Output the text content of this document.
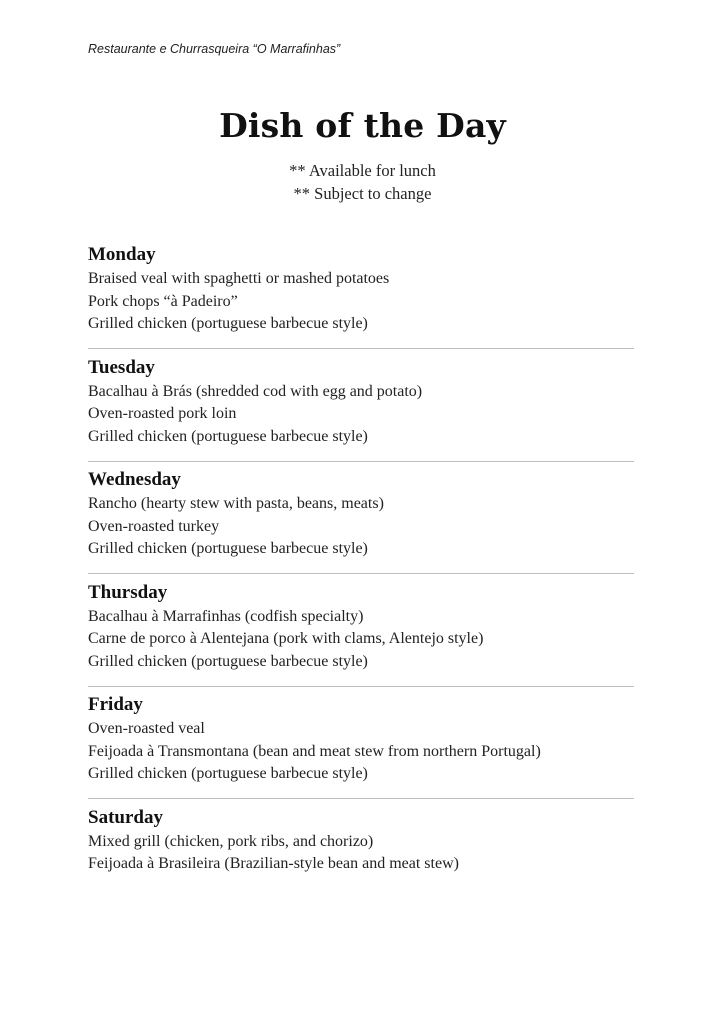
Restaurante e Churrasqueira “O Marrafinhas”
Dish of the Day
** Available for lunch
** Subject to change
Monday
Braised veal with spaghetti or mashed potatoes
Pork chops “à Padeiro”
Grilled chicken (portuguese barbecue style)
Tuesday
Bacalhau à Brás (shredded cod with egg and potato)
Oven-roasted pork loin
Grilled chicken (portuguese barbecue style)
Wednesday
Rancho (hearty stew with pasta, beans, meats)
Oven-roasted turkey
Grilled chicken (portuguese barbecue style)
Thursday
Bacalhau à Marrafinhas (codfish specialty)
Carne de porco à Alentejana (pork with clams, Alentejo style)
Grilled chicken (portuguese barbecue style)
Friday
Oven-roasted veal
Feijoada à Transmontana (bean and meat stew from northern Portugal)
Grilled chicken (portuguese barbecue style)
Saturday
Mixed grill (chicken, pork ribs, and chorizo)
Feijoada à Brasileira (Brazilian-style bean and meat stew)
